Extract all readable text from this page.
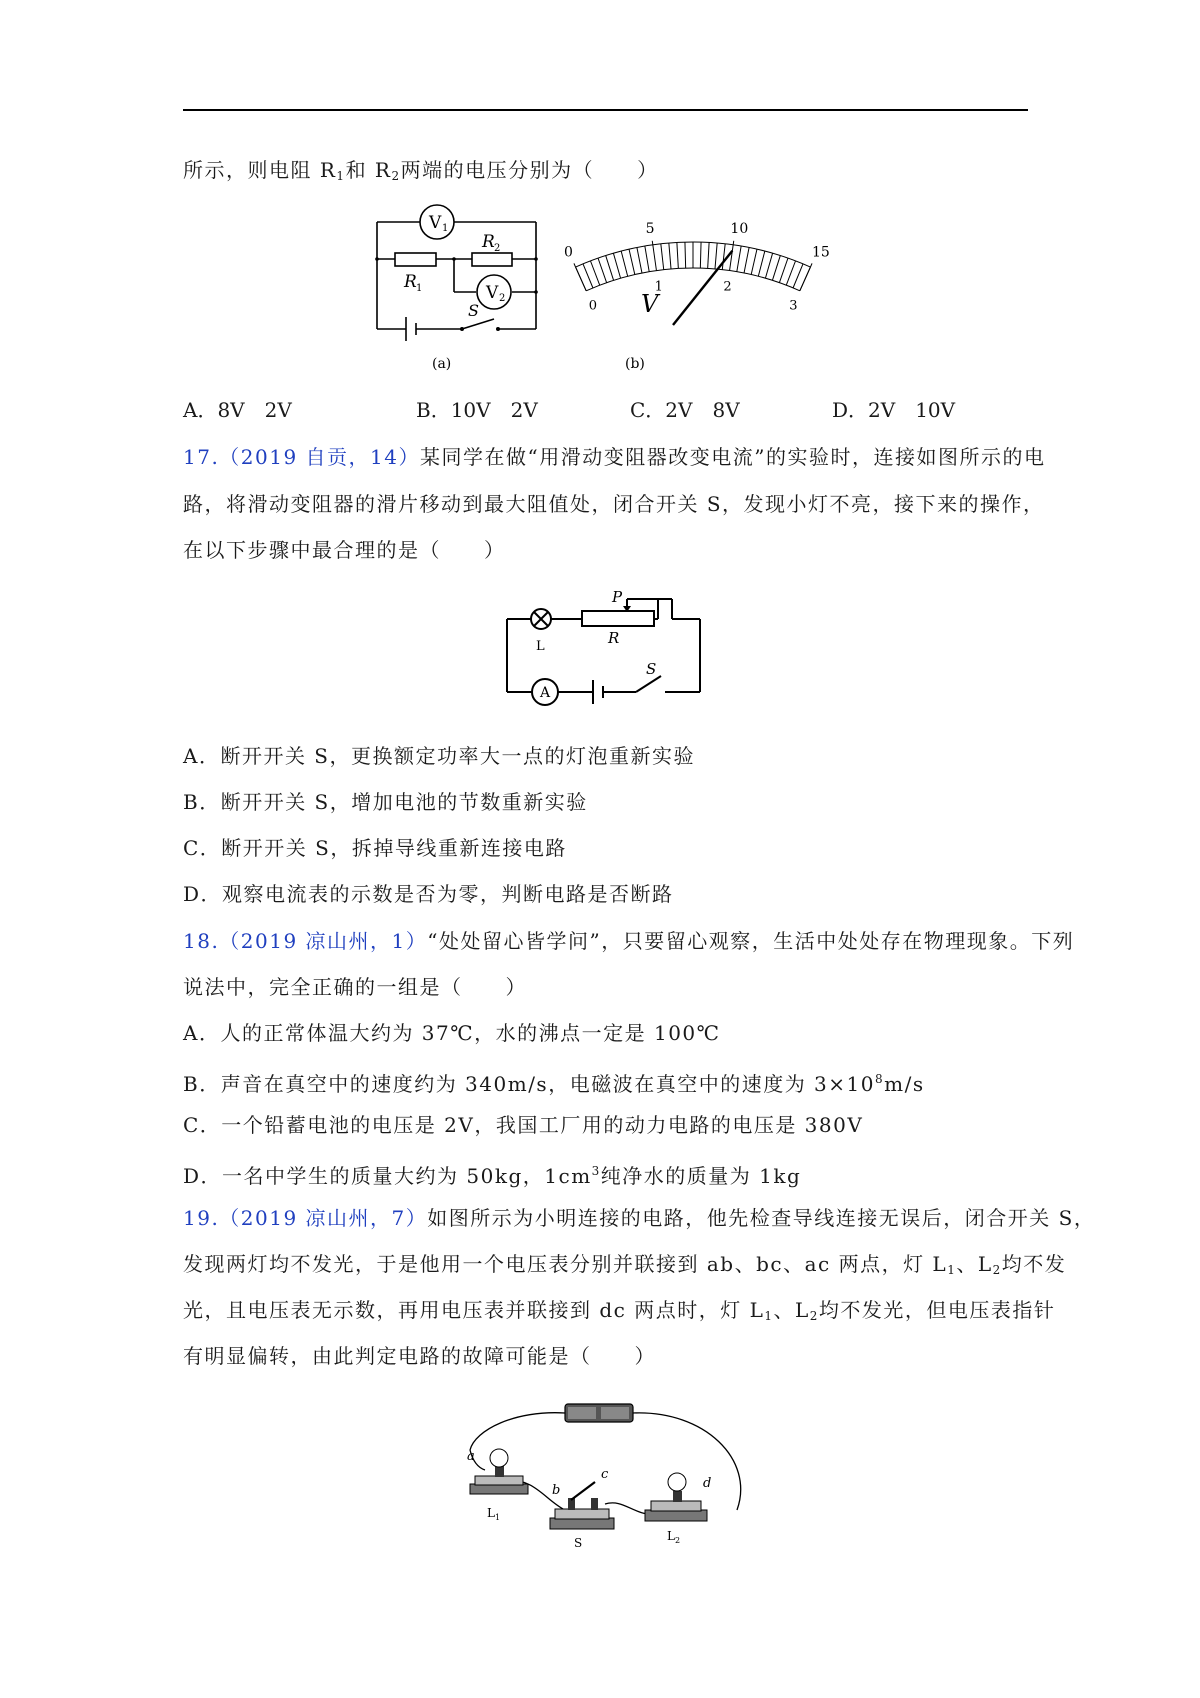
所示，则电阻 $R_1$和 $R_2$两端的电压分别为（　　）
V 1
V 2
R 1
R 2
S
(a)
0
5	10
15
0
1	2
3
V
(b)
A．8V　2V	B．10V　2V	C．2V　8V	D．2V　10V
17.（2019 自贡，14）某同学在做“用滑动变阻器改变电流”的实验时，连接如图所示的电
路，将滑动变阻器的滑片移动到最大阻值处，闭合开关 S，发现小灯不亮，接下来的操作，
在以下步骤中最合理的是（　　）
P
R
L
A
S
A．断开开关 S，更换额定功率大一点的灯泡重新实验
B．断开开关 S，增加电池的节数重新实验
C．断开开关 S，拆掉导线重新连接电路
D．观察电流表的示数是否为零，判断电路是否断路
18.（2019 凉山州，1）“处处留心皆学问”，只要留心观察，生活中处处存在物理现象。下列
说法中，完全正确的一组是（　　）
A．人的正常体温大约为 37℃，水的沸点一定是 100℃
B．声音在真空中的速度约为 340m/s，电磁波在真空中的速度为 $3\times 10^8m/s$
C．一个铅蓄电池的电压是 2V，我国工厂用的动力电路的电压是 380V
D．一名中学生的质量大约为 50kg，$1cm^3$纯净水的质量为 1kg
19.（2019 凉山州，7）如图所示为小明连接的电路，他先检查导线连接无误后，闭合开关 S，
发现两灯均不发光，于是他用一个电压表分别并联接到 ab、bc、ac 两点，灯 $L_1$、$L_2$均不发
光，且电压表无示数，再用电压表并联接到 dc 两点时，灯 $L_1$、$L_2$均不发光，但电压表指针
有明显偏转，由此判定电路的故障可能是（　　）
a
b
c
d
L 1
S	L 2
